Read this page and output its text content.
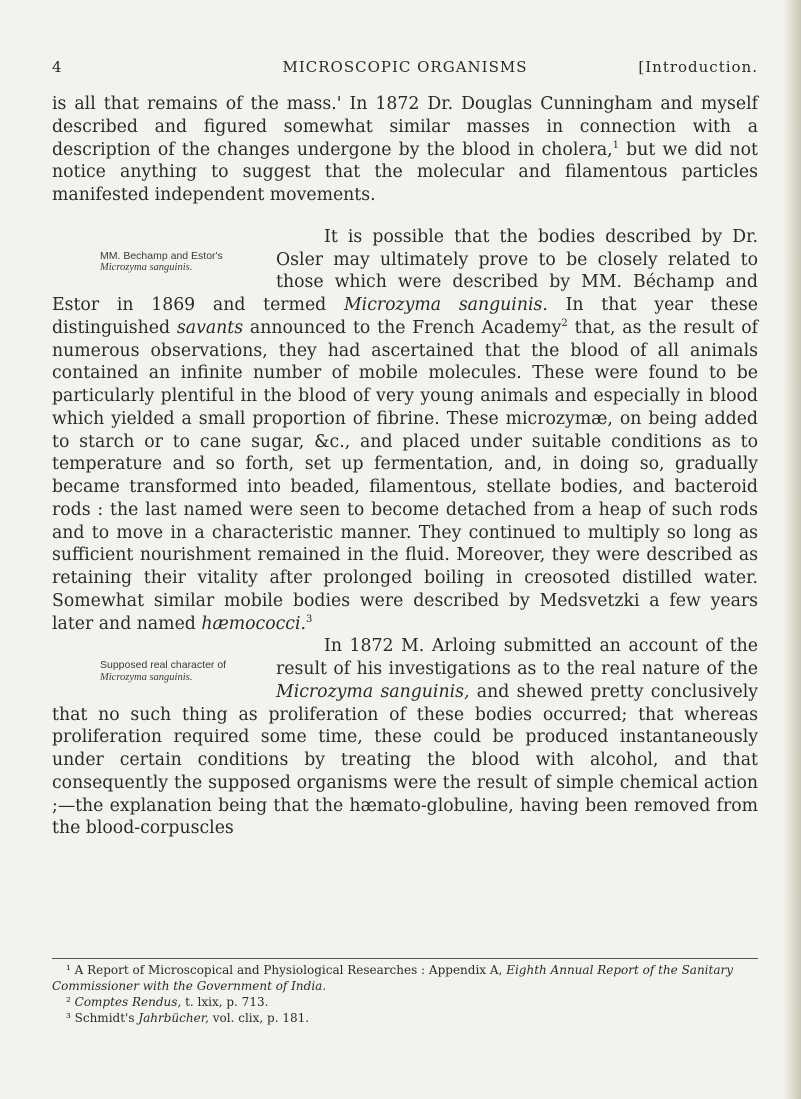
4	MICROSCOPIC ORGANISMS	[Introduction.

is all that remains of the mass.' In 1872 Dr. Douglas Cunningham and myself described and figured somewhat similar masses in connection with a description of the changes undergone by the blood in cholera,$^1$ but we did not notice anything to suggest that the molecular and filamentous particles manifested independent movements.

MM. Bechamp and Estor's
Microzyma sanguinis.
It is possible that the bodies described by Dr. Osler may ultimately prove to be closely related to those which were described by MM. Béchamp and Estor in 1869 and termed Microzyma sanguinis. In that year these distinguished savants announced to the French Academy$^2$ that, as the result of numerous observations, they had ascertained that the blood of all animals contained an infinite number of mobile molecules. These were found to be particularly plentiful in the blood of very young animals and especially in blood which yielded a small proportion of fibrine. These microzymæ, on being added to starch or to cane sugar, &c., and placed under suitable conditions as to temperature and so forth, set up fermentation, and, in doing so, gradually became transformed into beaded, filamentous, stellate bodies, and bacteroid rods : the last named were seen to become detached from a heap of such rods and to move in a characteristic manner. They continued to multiply so long as sufficient nourishment remained in the fluid. Moreover, they were described as retaining their vitality after prolonged boiling in creosoted distilled water. Somewhat similar mobile bodies were described by Medsvetzki a few years later and named hæmococci.$^3$

Supposed real character of
Microzyma sanguinis.
In 1872 M. Arloing submitted an account of the result of his investigations as to the real nature of the Microzyma sanguinis, and shewed pretty conclusively that no such thing as proliferation of these bodies occurred; that whereas proliferation required some time, these could be produced instantaneously under certain conditions by treating the blood with alcohol, and that consequently the supposed organisms were the result of simple chemical action ;—the explanation being that the hæmato-globuline, having been removed from the blood-corpuscles

¹ A Report of Microscopical and Physiological Researches : Appendix A, Eighth Annual Report of the Sanitary Commissioner with the Government of India.
² Comptes Rendus, t. lxix, p. 713.
³ Schmidt's Jahrbücher, vol. clix, p. 181.
